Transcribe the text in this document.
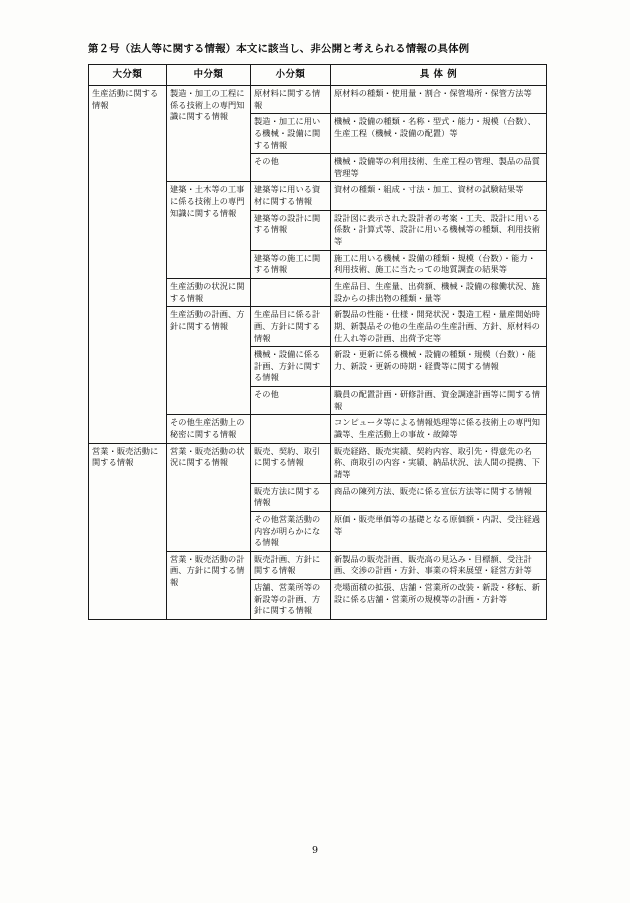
第２号（法人等に関する情報）本文に該当し、非公開と考えられる情報の具体例
大分類	中分類	小分類	具 体 例
生産活動に関する情報	製造・加工の工程に係る技術上の専門知識に関する情報	原材料に関する情報	原材料の種類・使用量・割合・保管場所・保管方法等
		製造・加工に用いる機械・設備に関する情報	機械・設備の種類・名称・型式・能力・規模（台数）、生産工程（機械・設備の配置）等
		その他	機械・設備等の利用技術、生産工程の管理、製品の品質管理等
	建築・土木等の工事に係る技術上の専門知識に関する情報	建築等に用いる資材に関する情報	資材の種類・組成・寸法・加工、資材の試験結果等
		建築等の設計に関する情報	設計図に表示された設計者の考案・工夫、設計に用いる係数・計算式等、設計に用いる機械等の種類、利用技術等
		建築等の施工に関する情報	施工に用いる機械・設備の種類・規模（台数）・能力・利用技術、施工に当たっての地質調査の結果等
	生産活動の状況に関する情報		生産品目、生産量、出荷額、機械・設備の稼働状況、施設からの排出物の種類・量等
	生産活動の計画、方針に関する情報	生産品目に係る計画、方針に関する情報	新製品の性能・仕様・開発状況・製造工程・量産開始時期、新製品その他の生産品の生産計画、方針、原材料の仕入れ等の計画、出荷予定等
		機械・設備に係る計画、方針に関する情報	新設・更新に係る機械・設備の種類・規模（台数）・能力、新設・更新の時期・経費等に関する情報
		その他	職員の配置計画・研修計画、資金調達計画等に関する情報
	その他生産活動上の秘密に関する情報		コンピュータ等による情報処理等に係る技術上の専門知識等、生産活動上の事故・故障等
営業・販売活動に関する情報	営業・販売活動の状況に関する情報	販売、契約、取引に関する情報	販売経路、販売実績、契約内容、取引先・得意先の名称、商取引の内容・実績、納品状況、法人間の提携、下請等
		販売方法に関する情報	商品の陳列方法、販売に係る宣伝方法等に関する情報
		その他営業活動の内容が明らかになる情報	原価・販売単価等の基礎となる原価額・内訳、受注経過等
	営業・販売活動の計画、方針に関する情報	販売計画、方針に関する情報	新製品の販売計画、販売高の見込み・目標額、受注計画、交渉の計画・方針、事業の将来展望・経営方針等
		店舗、営業所等の新設等の計画、方針に関する情報	売場面積の拡張、店舗・営業所の改装・新設・移転、新設に係る店舗・営業所の規模等の計画・方針等
9
